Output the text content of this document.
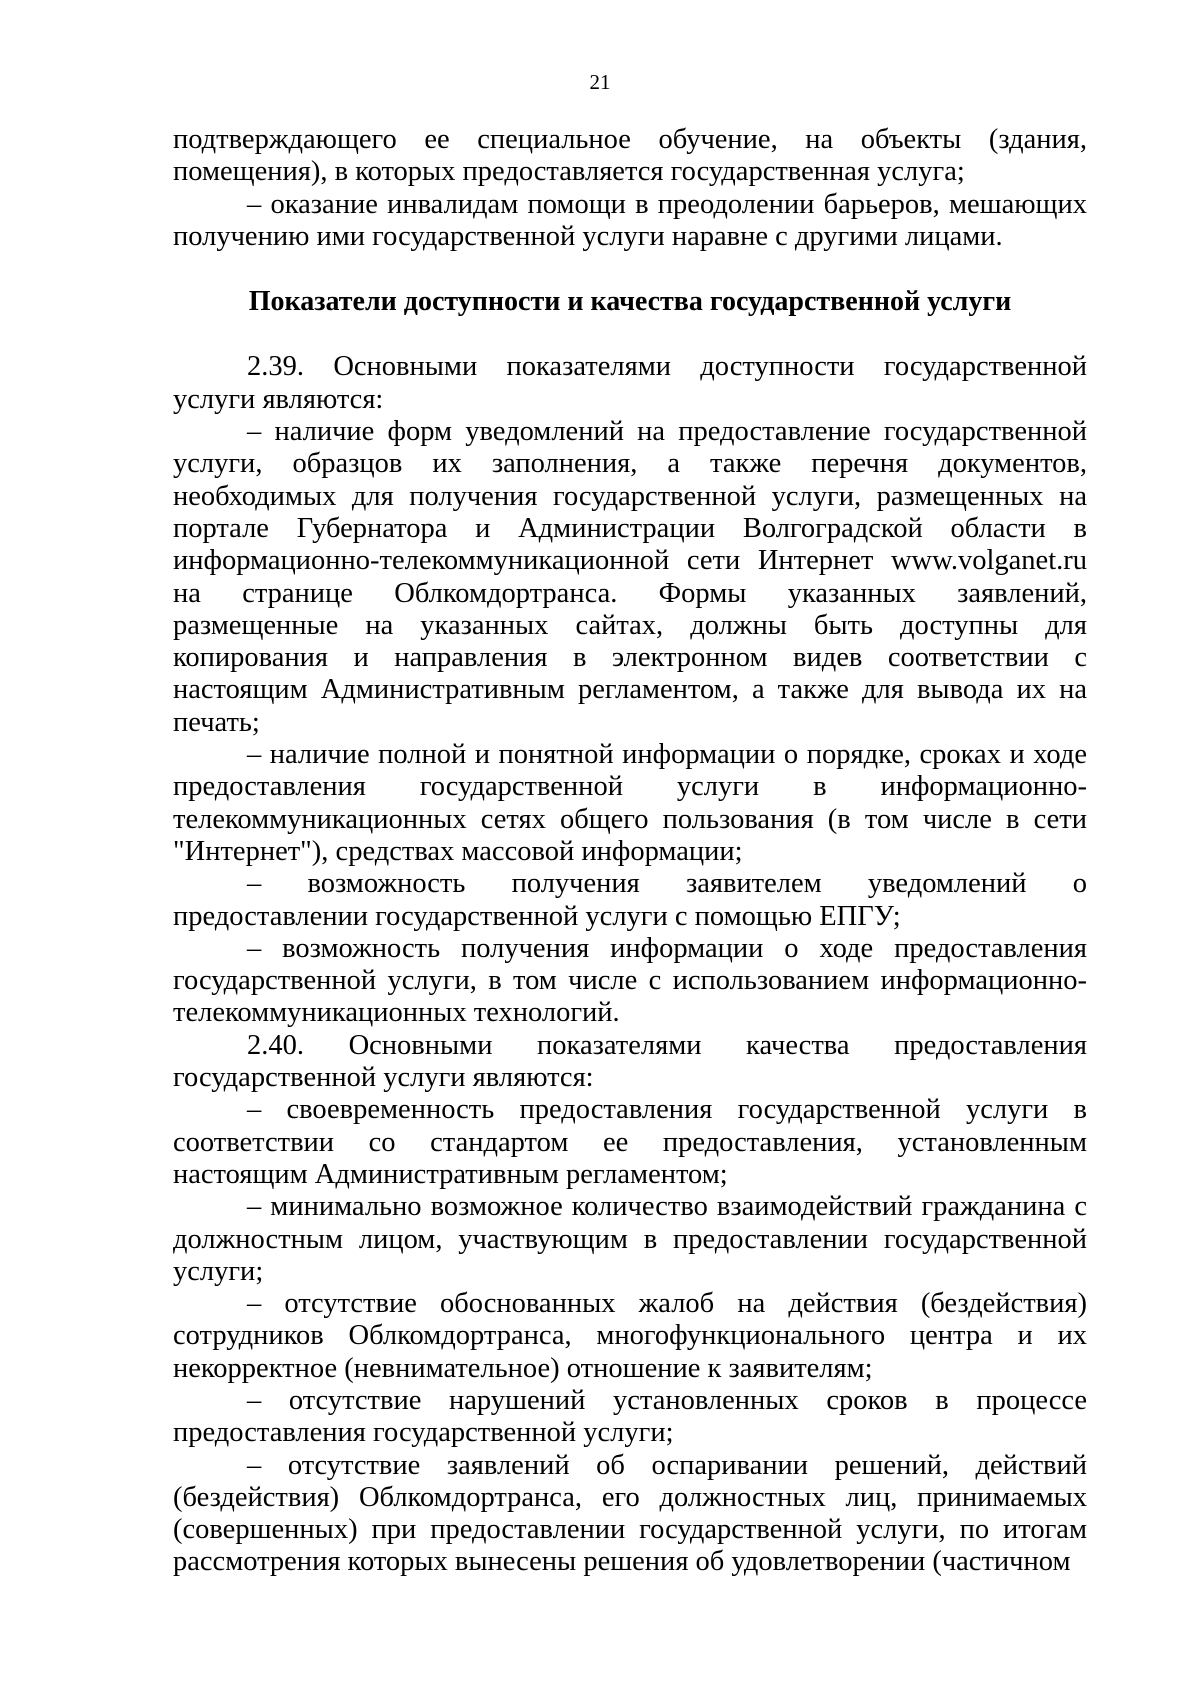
21

подтверждающего ее специальное обучение, на объекты (здания, помещения), в которых предоставляется государственная услуга;

– оказание инвалидам помощи в преодолении барьеров, мешающих получению ими государственной услуги наравне с другими лицами.

Показатели доступности и качества государственной услуги

2.39. Основными показателями доступности государственной услуги являются:

– наличие форм уведомлений на предоставление государственной услуги, образцов их заполнения, а также перечня документов, необходимых для получения государственной услуги, размещенных на портале Губернатора и Администрации Волгоградской области в информационно-телекоммуникационной сети Интернет www.volganet.ru на странице Облкомдортранса. Формы указанных заявлений, размещенные на указанных сайтах, должны быть доступны для копирования и направления в электронном видев соответствии с настоящим Административным регламентом, а также для вывода их на печать;

– наличие полной и понятной информации о порядке, сроках и ходе предоставления государственной услуги в информационно-телекоммуникационных сетях общего пользования (в том числе в сети "Интернет"), средствах массовой информации;

– возможность получения заявителем уведомлений о предоставлении государственной услуги с помощью ЕПГУ;

– возможность получения информации о ходе предоставления государственной услуги, в том числе с использованием информационно-телекоммуникационных технологий.

2.40. Основными показателями качества предоставления государственной услуги являются:

– своевременность предоставления государственной услуги в соответствии со стандартом ее предоставления, установленным настоящим Административным регламентом;

– минимально возможное количество взаимодействий гражданина с должностным лицом, участвующим в предоставлении государственной услуги;

– отсутствие обоснованных жалоб на действия (бездействия) сотрудников Облкомдортранса, многофункционального центра и их некорректное (невнимательное) отношение к заявителям;

– отсутствие нарушений установленных сроков в процессе предоставления государственной услуги;

– отсутствие заявлений об оспаривании решений, действий (бездействия) Облкомдортранса, его должностных лиц, принимаемых (совершенных) при предоставлении государственной услуги, по итогам рассмотрения которых вынесены решения об удовлетворении (частичном
